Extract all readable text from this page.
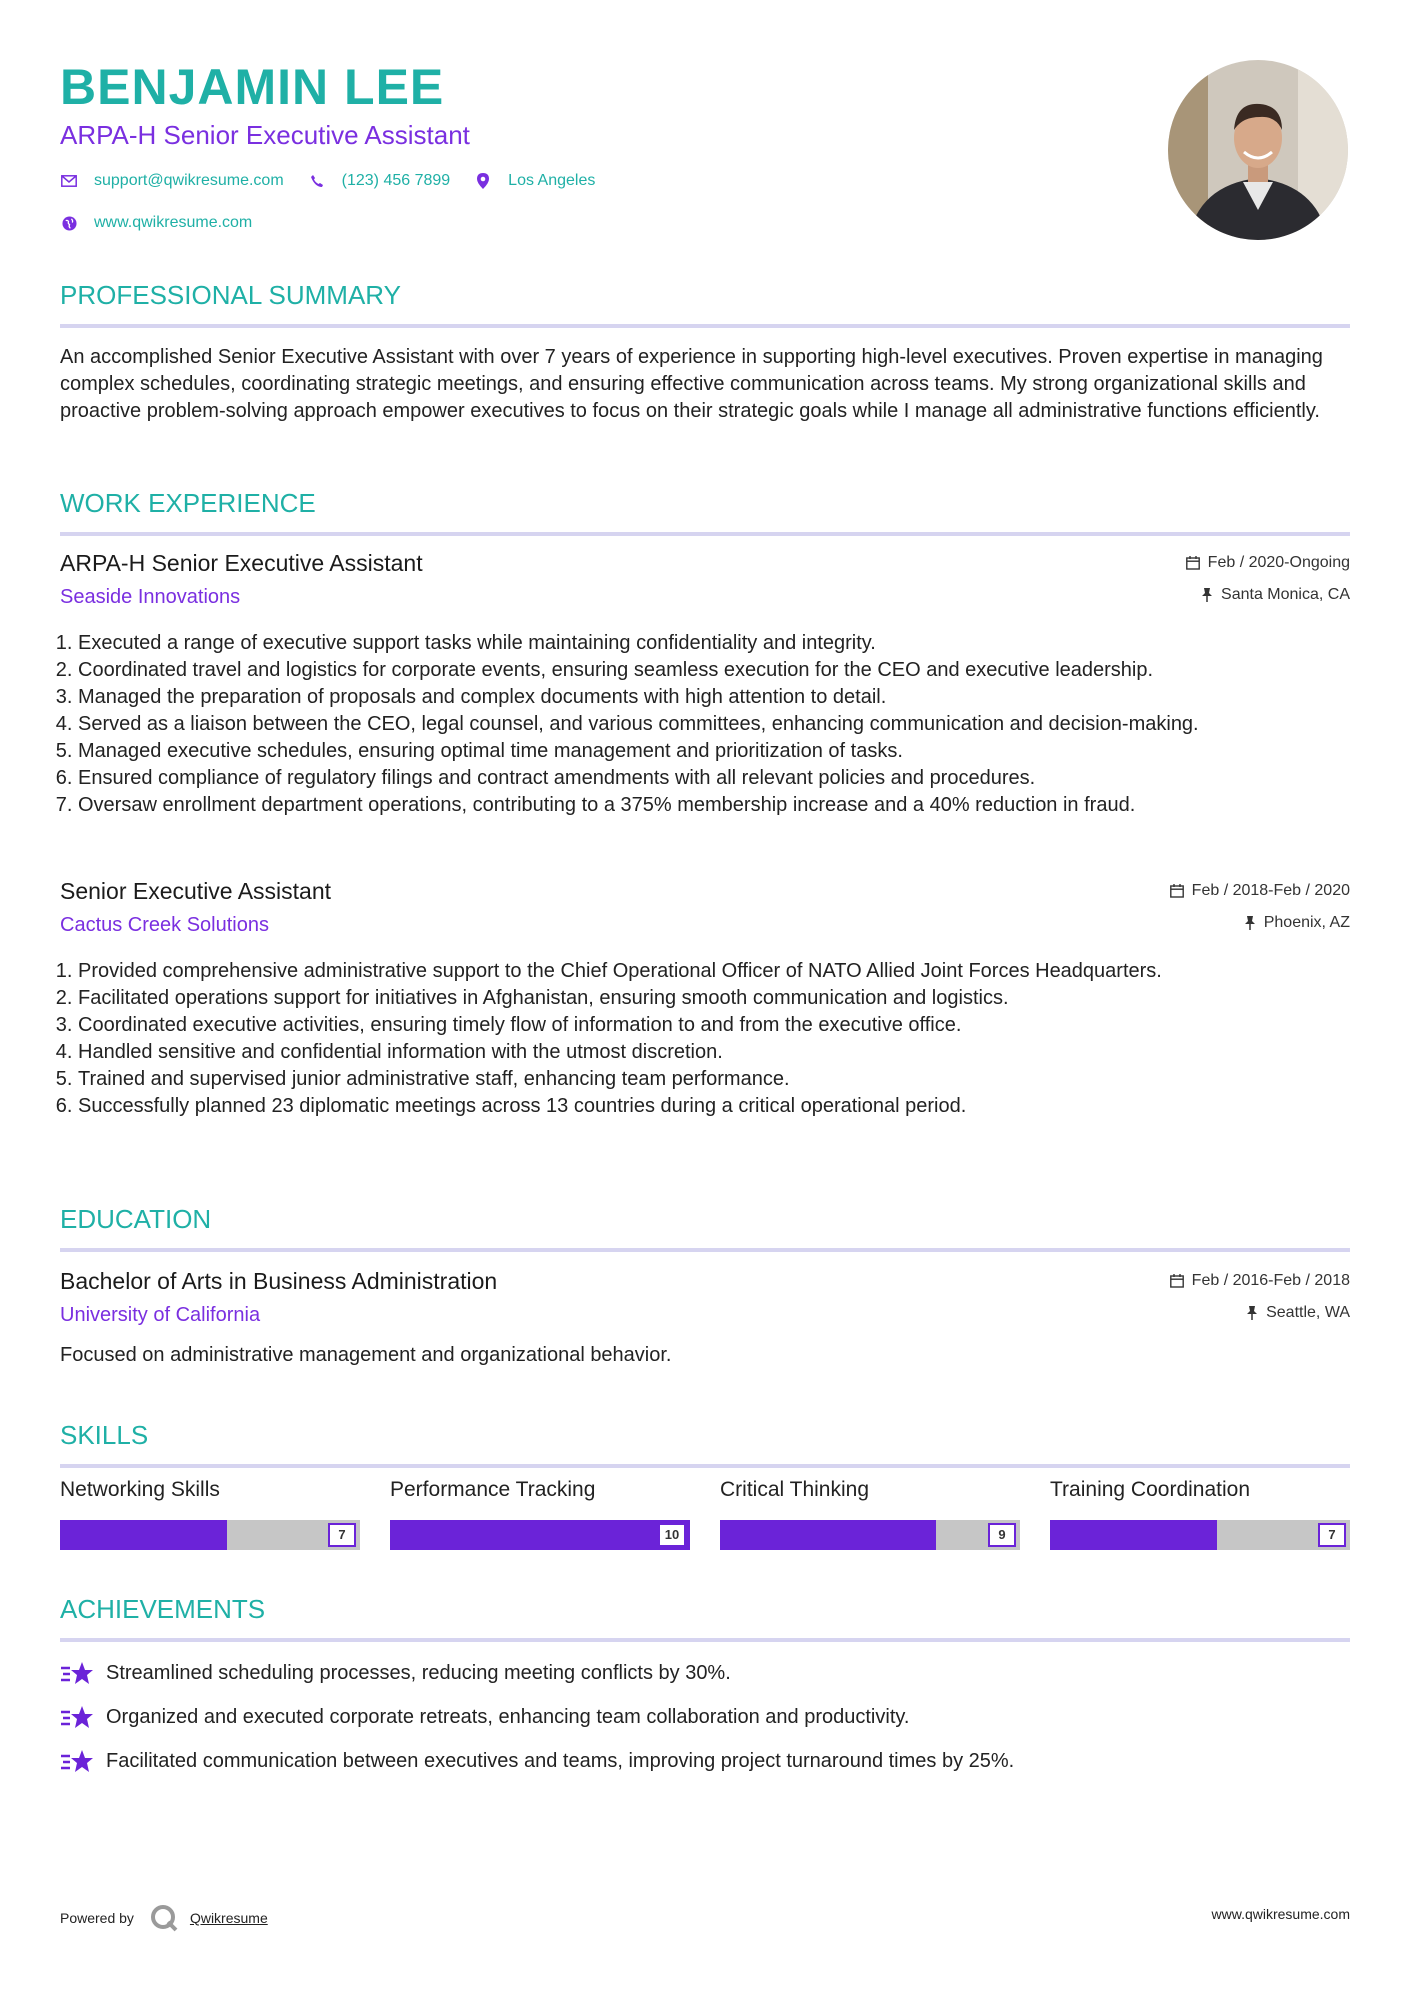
BENJAMIN LEE
ARPA-H Senior Executive Assistant
support@qwikresume.com	(123) 456 7899	Los Angeles
www.qwikresume.com
PROFESSIONAL SUMMARY
An accomplished Senior Executive Assistant with over 7 years of experience in supporting high-level executives. Proven expertise in managing complex schedules, coordinating strategic meetings, and ensuring effective communication across teams. My strong organizational skills and proactive problem-solving approach empower executives to focus on their strategic goals while I manage all administrative functions efficiently.
WORK EXPERIENCE
ARPA-H Senior Executive Assistant
Seaside Innovations
Feb / 2020-Ongoing
Santa Monica, CA
1. Executed a range of executive support tasks while maintaining confidentiality and integrity.
2. Coordinated travel and logistics for corporate events, ensuring seamless execution for the CEO and executive leadership.
3. Managed the preparation of proposals and complex documents with high attention to detail.
4. Served as a liaison between the CEO, legal counsel, and various committees, enhancing communication and decision-making.
5. Managed executive schedules, ensuring optimal time management and prioritization of tasks.
6. Ensured compliance of regulatory filings and contract amendments with all relevant policies and procedures.
7. Oversaw enrollment department operations, contributing to a 375% membership increase and a 40% reduction in fraud.
Senior Executive Assistant
Cactus Creek Solutions
Feb / 2018-Feb / 2020
Phoenix, AZ
1. Provided comprehensive administrative support to the Chief Operational Officer of NATO Allied Joint Forces Headquarters.
2. Facilitated operations support for initiatives in Afghanistan, ensuring smooth communication and logistics.
3. Coordinated executive activities, ensuring timely flow of information to and from the executive office.
4. Handled sensitive and confidential information with the utmost discretion.
5. Trained and supervised junior administrative staff, enhancing team performance.
6. Successfully planned 23 diplomatic meetings across 13 countries during a critical operational period.
EDUCATION
Bachelor of Arts in Business Administration
University of California
Feb / 2016-Feb / 2018
Seattle, WA
Focused on administrative management and organizational behavior.
SKILLS
Networking Skills
7
Performance Tracking
10
Critical Thinking
9
Training Coordination
7
ACHIEVEMENTS
Streamlined scheduling processes, reducing meeting conflicts by 30%.
Organized and executed corporate retreats, enhancing team collaboration and productivity.
Facilitated communication between executives and teams, improving project turnaround times by 25%.
Powered by	Qwikresume	www.qwikresume.com
